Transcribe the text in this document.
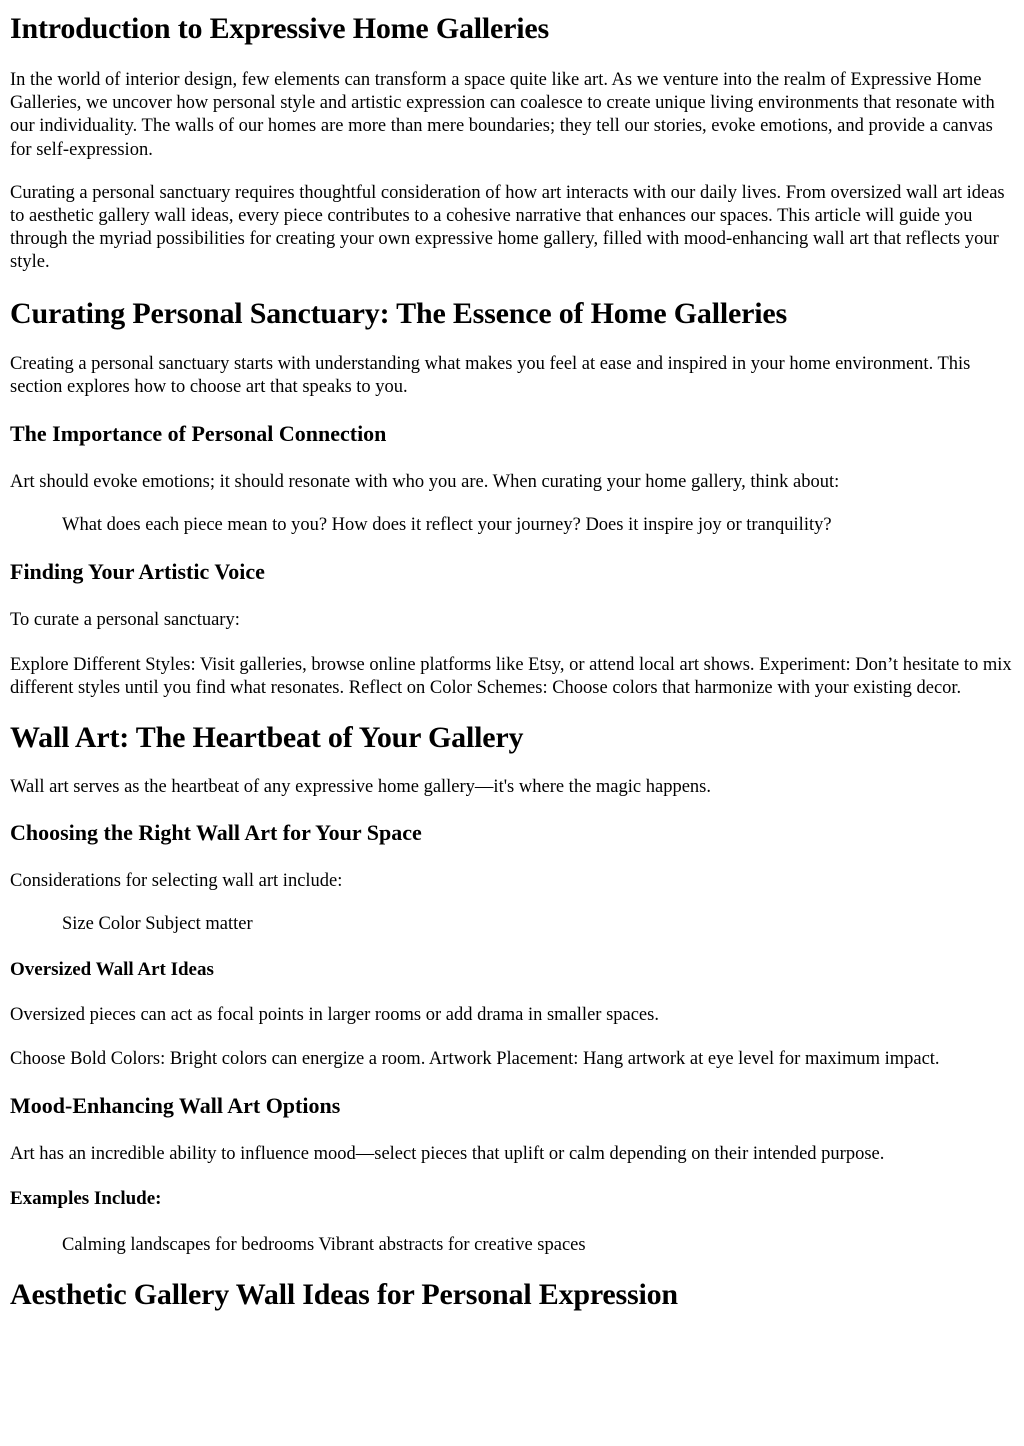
Introduction to Expressive Home Galleries

In the world of interior design, few elements can transform a space quite like art. As we venture into the realm of Expressive Home Galleries, we uncover how personal style and artistic expression can coalesce to create unique living environments that resonate with our individuality. The walls of our homes are more than mere boundaries; they tell our stories, evoke emotions, and provide a canvas for self-expression.

Curating a personal sanctuary requires thoughtful consideration of how art interacts with our daily lives. From oversized wall art ideas to aesthetic gallery wall ideas, every piece contributes to a cohesive narrative that enhances our spaces. This article will guide you through the myriad possibilities for creating your own expressive home gallery, filled with mood-enhancing wall art that reflects your style.

Curating Personal Sanctuary: The Essence of Home Galleries

Creating a personal sanctuary starts with understanding what makes you feel at ease and inspired in your home environment. This section explores how to choose art that speaks to you.

The Importance of Personal Connection

Art should evoke emotions; it should resonate with who you are. When curating your home gallery, think about:

What does each piece mean to you? How does it reflect your journey? Does it inspire joy or tranquility?
Finding Your Artistic Voice

To curate a personal sanctuary:

Explore Different Styles: Visit galleries, browse online platforms like Etsy, or attend local art shows. Experiment: Don’t hesitate to mix different styles until you find what resonates. Reflect on Color Schemes: Choose colors that harmonize with your existing decor.

Wall Art: The Heartbeat of Your Gallery

Wall art serves as the heartbeat of any expressive home gallery—it's where the magic happens.

Choosing the Right Wall Art for Your Space

Considerations for selecting wall art include:

Size Color Subject matter
Oversized Wall Art Ideas

Oversized pieces can act as focal points in larger rooms or add drama in smaller spaces.

Choose Bold Colors: Bright colors can energize a room. Artwork Placement: Hang artwork at eye level for maximum impact.

Mood-Enhancing Wall Art Options

Art has an incredible ability to influence mood—select pieces that uplift or calm depending on their intended purpose.

Examples Include:
Calming landscapes for bedrooms Vibrant abstracts for creative spaces
Aesthetic Gallery Wall Ideas for Personal Expression
